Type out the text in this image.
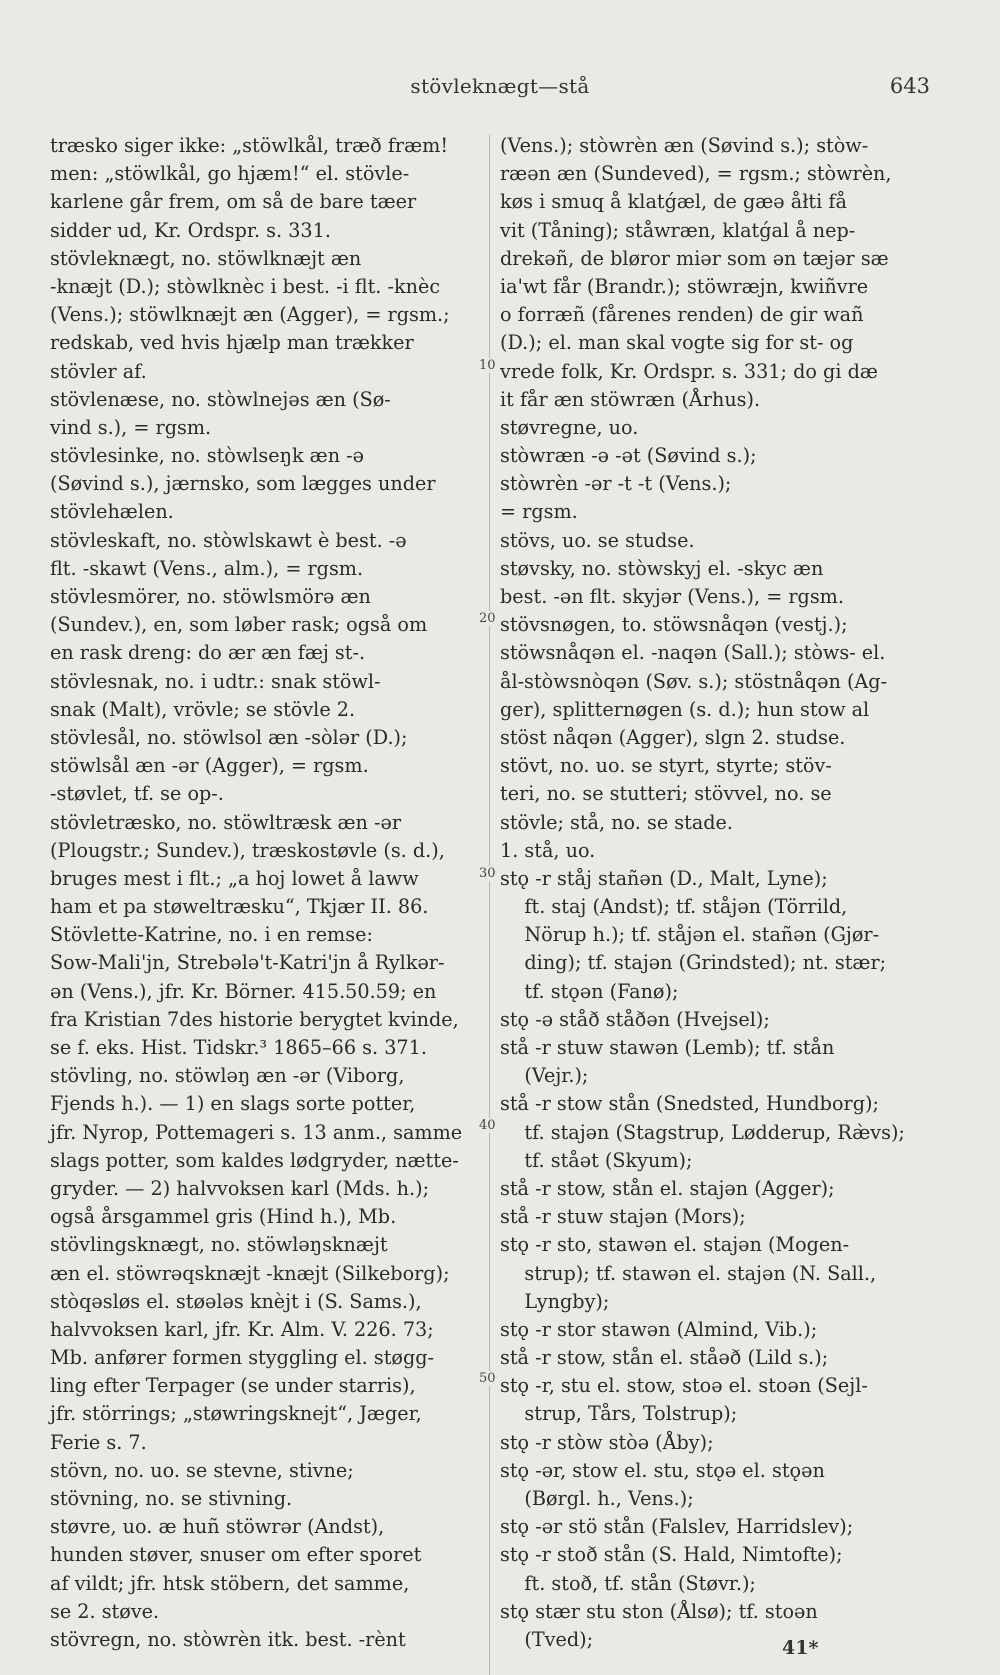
stövleknægt—stå	643
træsko siger ikke: „stöwlkål, træð fræm!
men: „stöwlkål, go hjæm!“ el. stövle-
karlene går frem, om så de bare tæer
sidder ud, Kr. Ordspr. s. 331.
stövleknægt, no. stöwlknæjt æn
-knæjt (D.); stòwlknèc i best. -i flt. -knèc
(Vens.); stöwlknæjt æn (Agger), = rgsm.;
redskab, ved hvis hjælp man trækker
stövler af.
stövlenæse, no. stòwlnejəs æn (Sø-
vind s.), = rgsm.
stövlesinke, no. stòwlseŋk æn -ə
(Søvind s.), jærnsko, som lægges under
stövlehælen.
stövleskaft, no. stòwlskawt è best. -ə
flt. -skawt (Vens., alm.), = rgsm.
stövlesmörer, no. stöwlsmörə æn
(Sundev.), en, som løber rask; også om
en rask dreng: do ær æn fæj st-.
stövlesnak, no. i udtr.: snak stöwl-
snak (Malt), vrövle; se stövle 2.
stövlesål, no. stöwlsol æn -sòlər (D.);
stöwlsål æn -ər (Agger), = rgsm.
-støvlet, tf. se op-.
stövletræsko, no. stöwltræsk æn -ər
(Plougstr.; Sundev.), træskostøvle (s. d.),
bruges mest i flt.; „a hoj lowet å laww
ham et pa støweltræsku“, Tkjær II. 86.
Stövlette-Katrine, no. i en remse:
Sow-Mali'jn, Strebələ't-Katri'jn å Rylkər-
ən (Vens.), jfr. Kr. Börner. 415.50.59; en
fra Kristian 7des historie berygtet kvinde,
se f. eks. Hist. Tidskr.³ 1865–66 s. 371.
stövling, no. stöwləŋ æn -ər (Viborg,
Fjends h.). — 1) en slags sorte potter,
jfr. Nyrop, Pottemageri s. 13 anm., samme
slags potter, som kaldes lødgryder, nætte-
gryder. — 2) halvvoksen karl (Mds. h.);
også årsgammel gris (Hind h.), Mb.
stövlingsknægt, no. stöwləŋsknæjt
æn el. stöwrəqsknæjt -knæjt (Silkeborg);
stòqəsløs el. støələs knèjt i (S. Sams.),
halvvoksen karl, jfr. Kr. Alm. V. 226. 73;
Mb. anfører formen styggling el. støgg-
ling efter Terpager (se under starris),
jfr. störrings; „støwringsknejt“, Jæger,
Ferie s. 7.
stövn, no. uo. se stevne, stivne;
stövning, no. se stivning.
støvre, uo. æ huñ stöwrər (Andst),
hunden støver, snuser om efter sporet
af vildt; jfr. htsk stöbern, det samme,
se 2. støve.
stövregn, no. stòwrèn itk. best. -rènt
(Vens.); stòwrèn æn (Søvind s.); stòw-
ræən æn (Sundeved), = rgsm.; stòwrèn,
køs i smuq å klatǵæl, de gæə åłti få
vit (Tåning); ståwræn, klatǵal å nep-
drekəñ, de bløror miər som ən tæjər sæ
ia'wt får (Brandr.); stöwræjn, kwiñvre
o forræñ (fårenes renden) de gir wañ
(D.); el. man skal vogte sig for st- og
vrede folk, Kr. Ordspr. s. 331; do gi dæ
it får æn stöwræn (Århus).
støvregne, uo.
stòwræn -ə -ət (Søvind s.);
stòwrèn -ər -t -t (Vens.);
= rgsm.
stövs, uo. se studse.
støvsky, no. stòwskyj el. -skyc æn
best. -ən flt. skyjər (Vens.), = rgsm.
stövsnøgen, to. stöwsnåqən (vestj.);
stöwsnåqən el. -naqən (Sall.); stòws- el.
ål-stòwsnòqən (Søv. s.); stöstnåqən (Ag-
ger), splitternøgen (s. d.); hun stow al
stöst nåqən (Agger), slgn 2. studse.
stövt, no. uo. se styrt, styrte; stöv-
teri, no. se stutteri; stövvel, no. se
stövle; stå, no. se stade.
1. stå, uo.
stǫ -r ståj stañən (D., Malt, Lyne);
ft. staj (Andst); tf. ståjən (Törrild,
Nörup h.); tf. ståjən el. stañən (Gjør-
ding); tf. stajən (Grindsted); nt. stær;
tf. stǫən (Fanø);
stǫ -ə ståð ståðən (Hvejsel);
stå -r stuw stawən (Lemb); tf. stån
(Vejr.);
stå -r stow stån (Snedsted, Hundborg);
tf. stajən (Stagstrup, Lødderup, Ræ̀vs);
tf. ståət (Skyum);
stå -r stow, stån el. stajən (Agger);
stå -r stuw stajən (Mors);
stǫ -r sto, stawən el. stajən (Mogen-
strup); tf. stawən el. stajən (N. Sall.,
Lyngby);
stǫ -r stor stawən (Almind, Vib.);
stå -r stow, stån el. ståəð (Lild s.);
stǫ -r, stu el. stow, stoə el. stoən (Sejl-
strup, Tårs, Tolstrup);
stǫ -r stòw stòə (Åby);
stǫ -ər, stow el. stu, stǫə el. stǫən
(Børgl. h., Vens.);
stǫ -ər stö stån (Falslev, Harridslev);
stǫ -r stoð stån (S. Hald, Nimtofte);
ft. stoð, tf. stån (Støvr.);
stǫ stær stu ston (Ålsø); tf. stoən
(Tved);
10
20
30
40
50
41*
